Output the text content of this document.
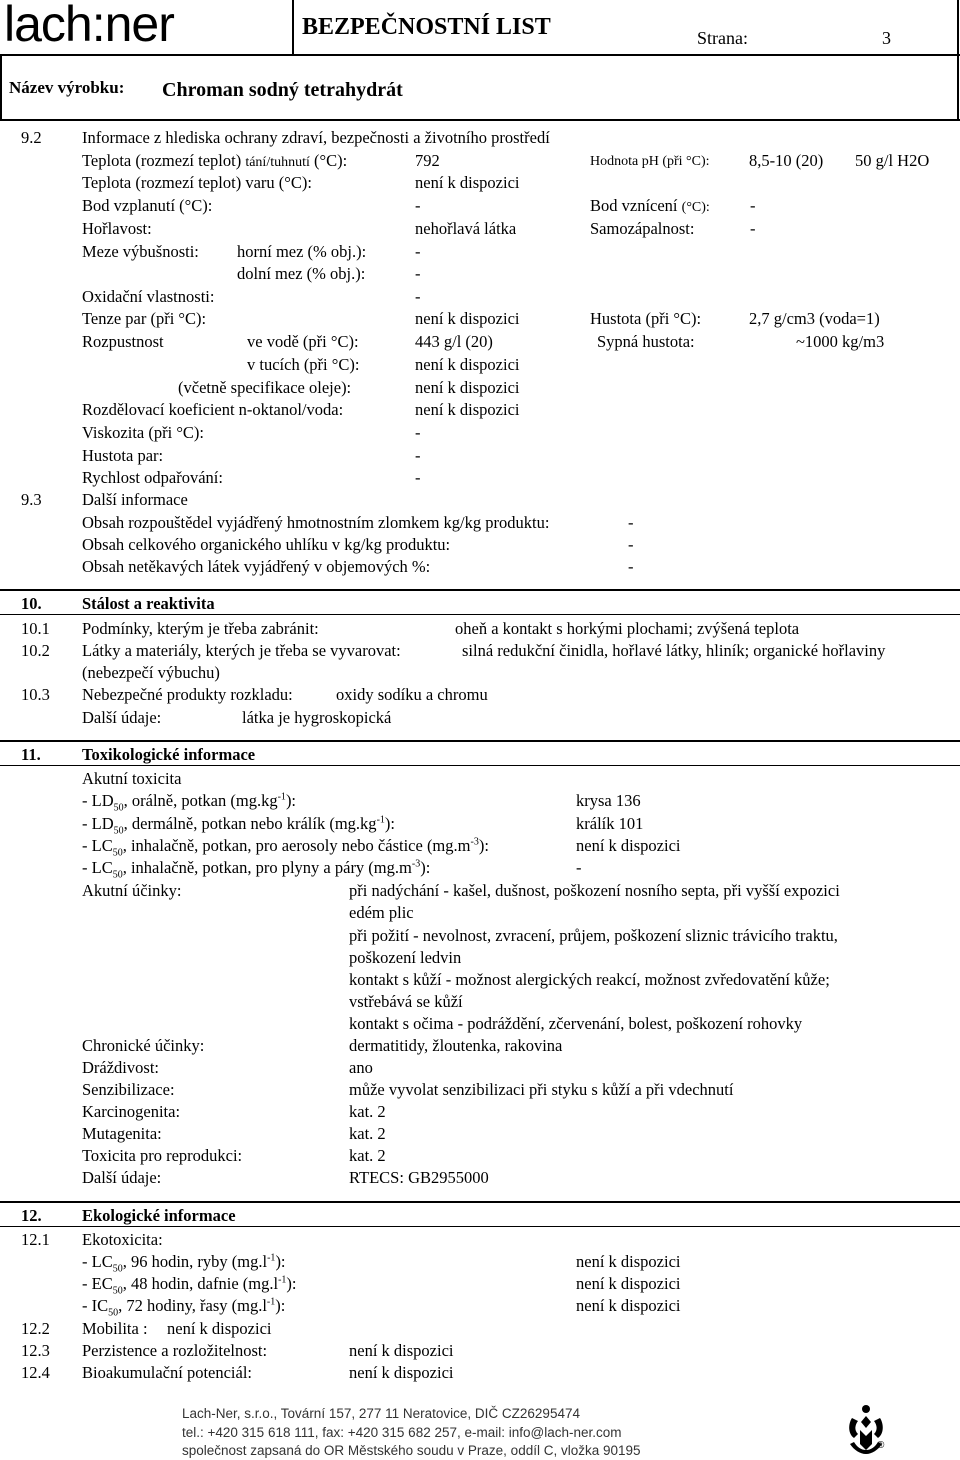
lach:ner	BEZPEČNOSTNÍ LIST	Strana:	3
Název výrobku: Chroman sodný tetrahydrát
9.2 Informace z hlediska ochrany zdraví, bezpečnosti a životního prostředí
Teplota (rozmezí teplot) tání/tuhnutí (°C):	792	Hodnota pH (při °C): 8,5-10 (20) 50 g/l H2O
Teplota (rozmezí teplot) varu (°C):	není k dispozici
Bod vzplanutí (°C):	-	Bod vznícení (°C): -
Hořlavost:	nehořlavá látka	Samozápalnost:	-
Meze výbušnosti: horní mez (% obj.):	-
dolní mez (% obj.):	-
Oxidační vlastnosti:	-
Tenze par (při °C):	není k dispozici	Hustota (při °C):	2,7 g/cm3 (voda=1)
Rozpustnost	ve vodě (při °C):	443 g/l (20)	Sypná hustota:	~1000 kg/m3
v tucích (při °C):	není k dispozici
(včetně specifikace oleje):	není k dispozici
Rozdělovací koeficient n-oktanol/voda:	není k dispozici
Viskozita (při °C):	-
Hustota par:	-
Rychlost odpařování:	-
9.3 Další informace
Obsah rozpouštědel vyjádřený hmotnostním zlomkem kg/kg produktu:	-
Obsah celkového organického uhlíku v kg/kg produktu:	-
Obsah netěkavých látek vyjádřený v objemových %:	-
10. Stálost a reaktivita
10.1 Podmínky, kterým je třeba zabránit:	oheň a kontakt s horkými plochami; zvýšená teplota
10.2 Látky a materiály, kterých je třeba se vyvarovat:	silná redukční činidla, hořlavé látky, hliník; organické hořlaviny
(nebezpečí výbuchu)
10.3 Nebezpečné produkty rozkladu:	oxidy sodíku a chromu
Další údaje:	látka je hygroskopická
11.	Toxikologické informace
Akutní toxicita
- $LD_{50}$, orálně, potkan $(mg.kg^{-1})$:	krysa 136
- $LD_{50}$, dermálně, potkan nebo králík $(mg.kg^{-1})$:	králík 101
- $LC_{50}$, inhalačně, potkan, pro aerosoly nebo částice $(mg.m^{-3})$:	není k dispozici
- $LC_{50}$, inhalačně, potkan, pro plyny a páry $(mg.m^{-3})$:	-
Akutní účinky:	při nadýchání - kašel, dušnost, poškození nosního septa, při vyšší expozici
edém plic
při požití - nevolnost, zvracení, průjem, poškození sliznic trávicího traktu,
poškození ledvin
kontakt s kůží - možnost alergických reakcí, možnost zvředovatění kůže;
vstřebává se kůží
kontakt s očima - podráždění, zčervenání, bolest, poškození rohovky
Chronické účinky:	dermatitidy, žloutenka, rakovina
Dráždivost:	ano
Senzibilizace:	může vyvolat senzibilizaci při styku s kůží a při vdechnutí
Karcinogenita:	kat. 2
Mutagenita:	kat. 2
Toxicita pro reprodukci:	kat. 2
Další údaje:	RTECS: GB2955000
12. Ekologické informace
12.1 Ekotoxicita:
- $LC_{50}$, 96 hodin, ryby $(mg.l^{-1})$:	není k dispozici
- $EC_{50}$, 48 hodin, dafnie $(mg.l^{-1})$:	není k dispozici
- $IC_{50}$, 72 hodiny, řasy $(mg.l^{-1})$:	není k dispozici
12.2 Mobilita : není k dispozici
12.3 Perzistence a rozložitelnost:	není k dispozici
12.4 Bioakumulační potenciál:	není k dispozici
Lach-Ner, s.r.o., Tovární 157, 277 11 Neratovice, DIČ CZ26295474
tel.: +420 315 618 111, fax: +420 315 682 257, e-mail: info@lach-ner.com
společnost zapsaná do OR Městského soudu v Praze, oddíl C, vložka 90195	®
